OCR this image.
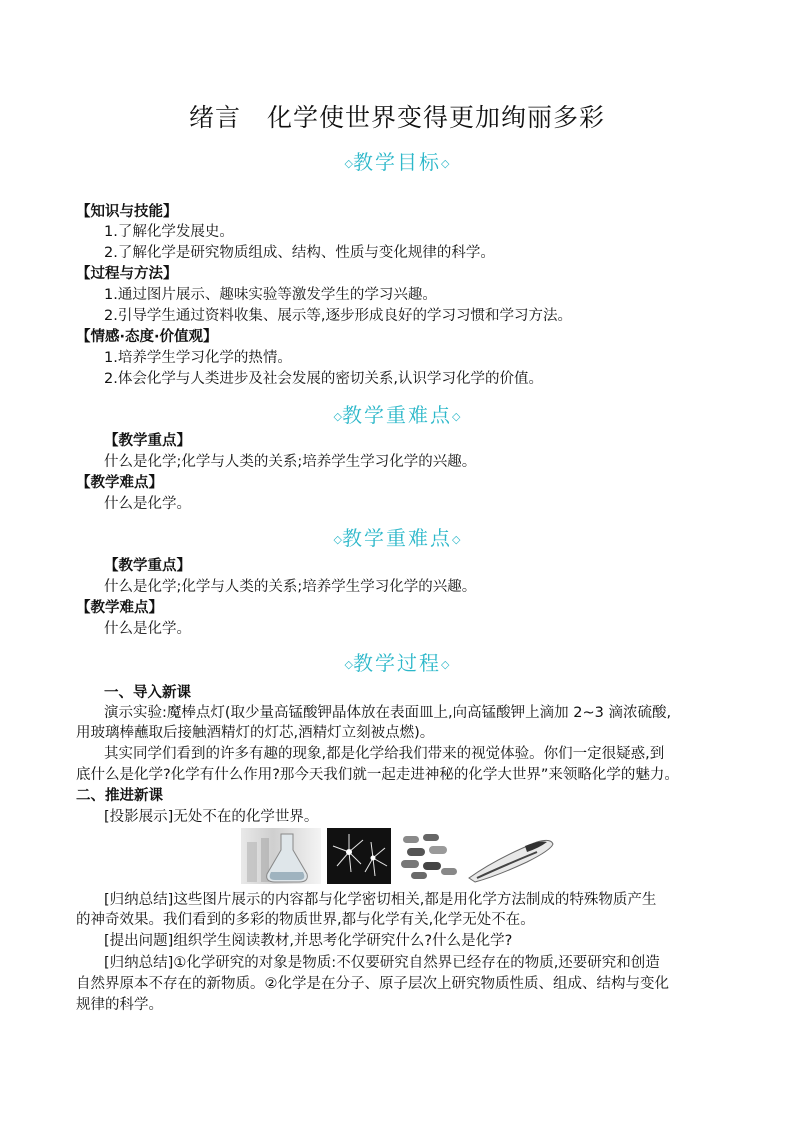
绪言　化学使世界变得更加绚丽多彩
◇教学目标◇
【知识与技能】
1.了解化学发展史。
2.了解化学是研究物质组成、结构、性质与变化规律的科学。
【过程与方法】
1.通过图片展示、趣味实验等激发学生的学习兴趣。
2.引导学生通过资料收集、展示等,逐步形成良好的学习习惯和学习方法。
【情感·态度·价值观】
1.培养学生学习化学的热情。
2.体会化学与人类进步及社会发展的密切关系,认识学习化学的价值。
◇教学重难点◇
【教学重点】
什么是化学;化学与人类的关系;培养学生学习化学的兴趣。
【教学难点】
什么是化学。
◇教学重难点◇
【教学重点】
什么是化学;化学与人类的关系;培养学生学习化学的兴趣。
【教学难点】
什么是化学。
◇教学过程◇
一、导入新课
演示实验:魔棒点灯(取少量高锰酸钾晶体放在表面皿上,向高锰酸钾上滴加 2~3 滴浓硫酸,
用玻璃棒蘸取后接触酒精灯的灯芯,酒精灯立刻被点燃)。
其实同学们看到的许多有趣的现象,都是化学给我们带来的视觉体验。你们一定很疑惑,到
底什么是化学?化学有什么作用?那今天我们就一起走进神秘的化学大世界”来领略化学的魅力。
二、推进新课
[投影展示]无处不在的化学世界。
[归纳总结]这些图片展示的内容都与化学密切相关,都是用化学方法制成的特殊物质产生
的神奇效果。我们看到的多彩的物质世界,都与化学有关,化学无处不在。
[提出问题]组织学生阅读教材,并思考化学研究什么?什么是化学?
[归纳总结]①化学研究的对象是物质:不仅要研究自然界已经存在的物质,还要研究和创造
自然界原本不存在的新物质。②化学是在分子、原子层次上研究物质性质、组成、结构与变化
规律的科学。
